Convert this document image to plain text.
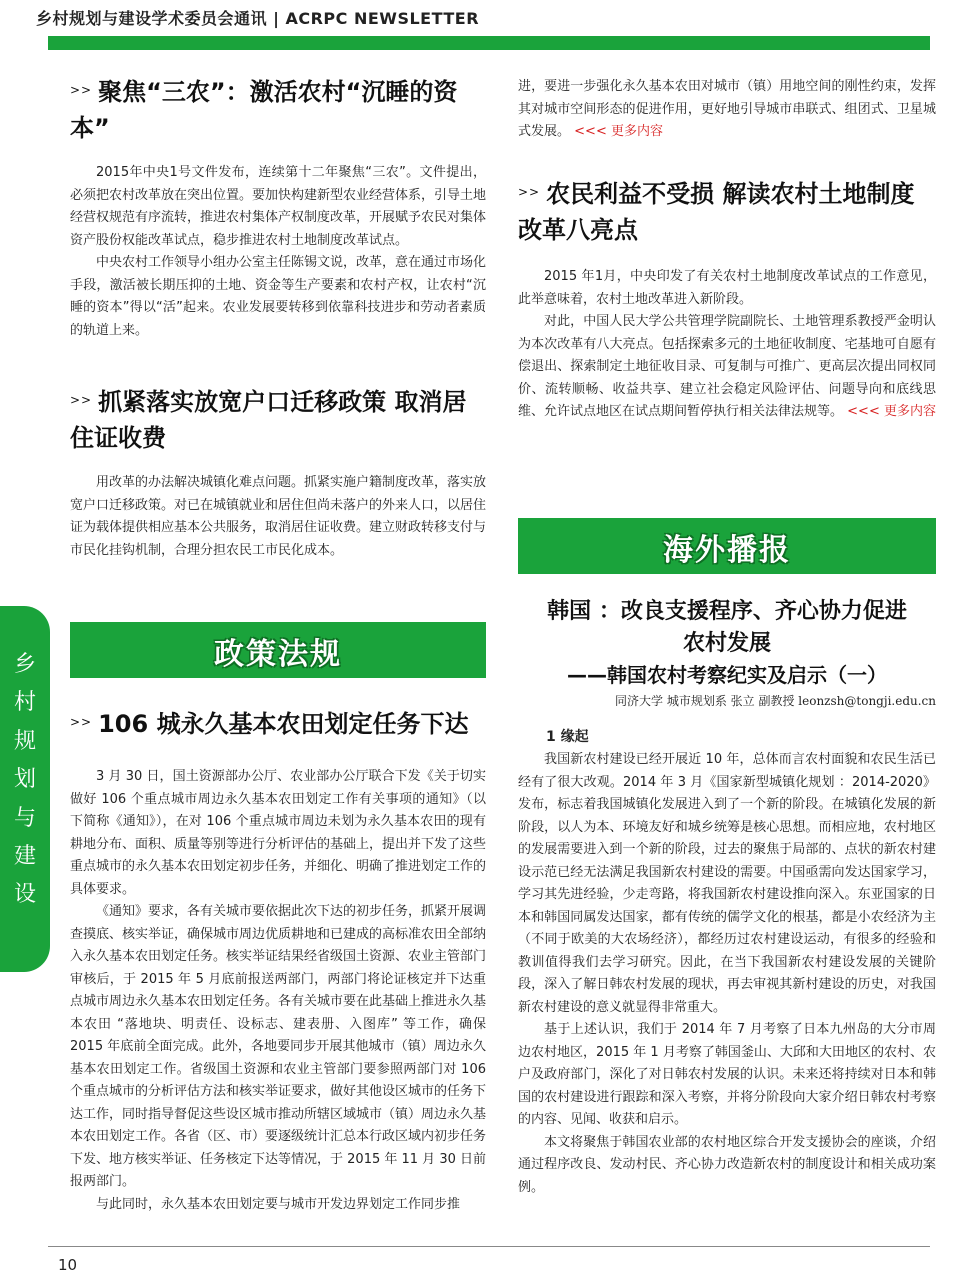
乡村规划与建设学术委员会通讯 | ACRPC NEWSLETTER
>> 聚焦“三农”：激活农村“沉睡的资本”

2015年中央1号文件发布，连续第十二年聚焦“三农”。文件提出，必须把农村改革放在突出位置。要加快构建新型农业经营体系，引导土地经营权规范有序流转，推进农村集体产权制度改革，开展赋予农民对集体资产股份权能改革试点，稳步推进农村土地制度改革试点。

中央农村工作领导小组办公室主任陈锡文说，改革，意在通过市场化手段，激活被长期压抑的土地、资金等生产要素和农村产权，让农村“沉睡的资本”得以“活”起来。农业发展要转移到依靠科技进步和劳动者素质的轨道上来。

>> 抓紧落实放宽户口迁移政策 取消居住证收费

用改革的办法解决城镇化难点问题。抓紧实施户籍制度改革，落实放宽户口迁移政策。对已在城镇就业和居住但尚未落户的外来人口，以居住证为载体提供相应基本公共服务，取消居住证收费。建立财政转移支付与市民化挂钩机制，合理分担农民工市民化成本。

政策法规
>> 106 城永久基本农田划定任务下达

3 月 30 日，国土资源部办公厅、农业部办公厅联合下发《关于切实做好 106 个重点城市周边永久基本农田划定工作有关事项的通知》（以下简称《通知》），在对 106 个重点城市周边未划为永久基本农田的现有耕地分布、面积、质量等别等进行分析评估的基础上，提出并下发了这些重点城市的永久基本农田划定初步任务，并细化、明确了推进划定工作的具体要求。

《通知》要求，各有关城市要依据此次下达的初步任务，抓紧开展调查摸底、核实举证，确保城市周边优质耕地和已建成的高标准农田全部纳入永久基本农田划定任务。核实举证结果经省级国土资源、农业主管部门审核后，于 2015 年 5 月底前报送两部门，两部门将论证核定并下达重点城市周边永久基本农田划定任务。各有关城市要在此基础上推进永久基本农田 “落地块、明责任、设标志、建表册、入图库” 等工作，确保 2015 年底前全面完成。此外，各地要同步开展其他城市（镇）周边永久基本农田划定工作。省级国土资源和农业主管部门要参照两部门对 106 个重点城市的分析评估方法和核实举证要求，做好其他设区城市的任务下达工作，同时指导督促这些设区城市推动所辖区域城市（镇）周边永久基本农田划定工作。各省（区、市）要逐级统计汇总本行政区域内初步任务下发、地方核实举证、任务核定下达等情况，于 2015 年 11 月 30 日前报两部门。

与此同时，永久基本农田划定要与城市开发边界划定工作同步推

进，要进一步强化永久基本农田对城市（镇）用地空间的刚性约束，发挥其对城市空间形态的促进作用，更好地引导城市串联式、组团式、卫星城式发展。 <<< 更多内容

>> 农民利益不受损 解读农村土地制度改革八亮点

2015 年1月，中央印发了有关农村土地制度改革试点的工作意见，此举意味着，农村土地改革进入新阶段。

对此，中国人民大学公共管理学院副院长、土地管理系教授严金明认为本次改革有八大亮点。包括探索多元的土地征收制度、宅基地可自愿有偿退出、探索制定土地征收目录、可复制与可推广、更高层次提出同权同价、流转顺畅、收益共享、建立社会稳定风险评估、问题导向和底线思维、允许试点地区在试点期间暂停执行相关法律法规等。 <<< 更多内容

海外播报

韩国 ：改良支援程序、齐心协力促进

农村发展

——韩国农村考察纪实及启示（一）

同济大学 城市规划系 张立 副教授 leonzsh@tongji.edu.cn

1 缘起

我国新农村建设已经开展近 10 年，总体而言农村面貌和农民生活已经有了很大改观。2014 年 3 月《国家新型城镇化规划 ：2014-2020》发布，标志着我国城镇化发展进入到了一个新的阶段。在城镇化发展的新阶段，以人为本、环境友好和城乡统筹是核心思想。而相应地，农村地区的发展需要进入到一个新的阶段，过去的聚焦于局部的、点状的新农村建设示范已经无法满足我国新农村建设的需要。中国亟需向发达国家学习，学习其先进经验，少走弯路，将我国新农村建设推向深入。东亚国家的日本和韩国同属发达国家，都有传统的儒学文化的根基，都是小农经济为主（不同于欧美的大农场经济），都经历过农村建设运动，有很多的经验和教训值得我们去学习研究。因此，在当下我国新农村建设发展的关键阶段，深入了解日韩农村发展的现状，再去审视其新村建设的历史，对我国新农村建设的意义就显得非常重大。

基于上述认识，我们于 2014 年 7 月考察了日本九州岛的大分市周边农村地区，2015 年 1 月考察了韩国釜山、大邱和大田地区的农村、农户及政府部门，深化了对日韩农村发展的认识。未来还将持续对日本和韩国的农村建设进行跟踪和深入考察，并将分阶段向大家介绍日韩农村考察的内容、见闻、收获和启示。

本文将聚焦于韩国农业部的农村地区综合开发支援协会的座谈，介绍通过程序改良、发动村民、齐心协力改造新农村的制度设计和相关成功案例。

乡
村
规
划
与
建
设
10
